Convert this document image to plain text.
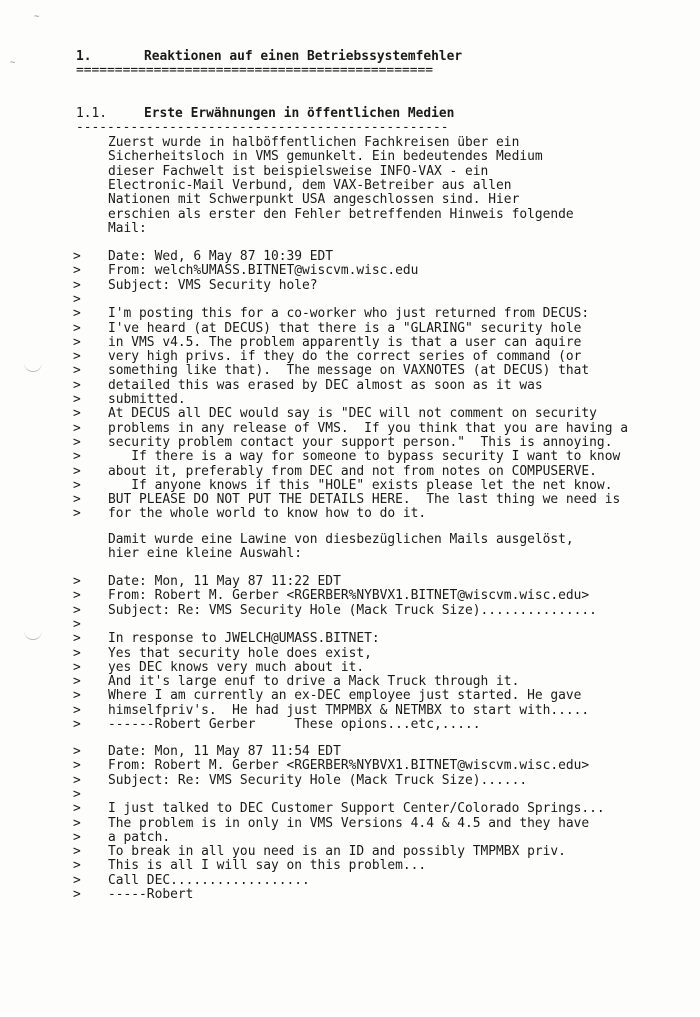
~
~	1.	Reaktionen auf einen Betriebssystemfehler
==============================================
1.1.	Erste Erwähnungen in öffentlichen Medien
------------------------------------------------
Zuerst wurde in halböffentlichen Fachkreisen über ein
Sicherheitsloch in VMS gemunkelt. Ein bedeutendes Medium
dieser Fachwelt ist beispielsweise INFO-VAX - ein
Electronic-Mail Verbund, dem VAX-Betreiber aus allen
Nationen mit Schwerpunkt USA angeschlossen sind. Hier
erschien als erster den Fehler betreffenden Hinweis folgende
Mail:
Date: Wed, 6 May 87 10:39 EDT
>
From: welch%UMASS.BITNET@wiscvm.wisc.edu
>
Subject: VMS Security hole?
>
>
I'm posting this for a co-worker who just returned from DECUS:
>
I've heard (at DECUS) that there is a "GLARING" security hole
>
in VMS v4.5. The problem apparently is that a user can aquire
>
very high privs. if they do the correct series of command (or
>
something like that).  The message on VAXNOTES (at DECUS) that
>
detailed this was erased by DEC almost as soon as it was
>
submitted.
>
At DECUS all DEC would say is "DEC will not comment on security
>
problems in any release of VMS.  If you think that you are having a
>
security problem contact your support person."  This is annoying.
>
If there is a way for someone to bypass security I want to know
>
about it, preferably from DEC and not from notes on COMPUSERVE.
>
If anyone knows if this "HOLE" exists please let the net know.
>
BUT PLEASE DO NOT PUT THE DETAILS HERE.  The last thing we need is
>
for the whole world to know how to do it.
>
Damit wurde eine Lawine von diesbezüglichen Mails ausgelöst,
hier eine kleine Auswahl:
Date: Mon, 11 May 87 11:22 EDT
>
From: Robert M. Gerber <RGERBER%NYBVX1.BITNET@wiscvm.wisc.edu>
>
Subject: Re: VMS Security Hole (Mack Truck Size)...............
>
>
In response to JWELCH@UMASS.BITNET:
>
Yes that security hole does exist,
>
yes DEC knows very much about it.
>
And it's large enuf to drive a Mack Truck through it.
>
Where I am currently an ex-DEC employee just started. He gave
>
himselfpriv's.  He had just TMPMBX & NETMBX to start with.....
>
------Robert Gerber     These opions...etc,.....
>
Date: Mon, 11 May 87 11:54 EDT
>
From: Robert M. Gerber <RGERBER%NYBVX1.BITNET@wiscvm.wisc.edu>
>
Subject: Re: VMS Security Hole (Mack Truck Size)......
>
>
I just talked to DEC Customer Support Center/Colorado Springs...
>
The problem is in only in VMS Versions 4.4 & 4.5 and they have
>
a patch.
>
To break in all you need is an ID and possibly TMPMBX priv.
>
This is all I will say on this problem...
>
Call DEC..................
>
-----Robert
>
